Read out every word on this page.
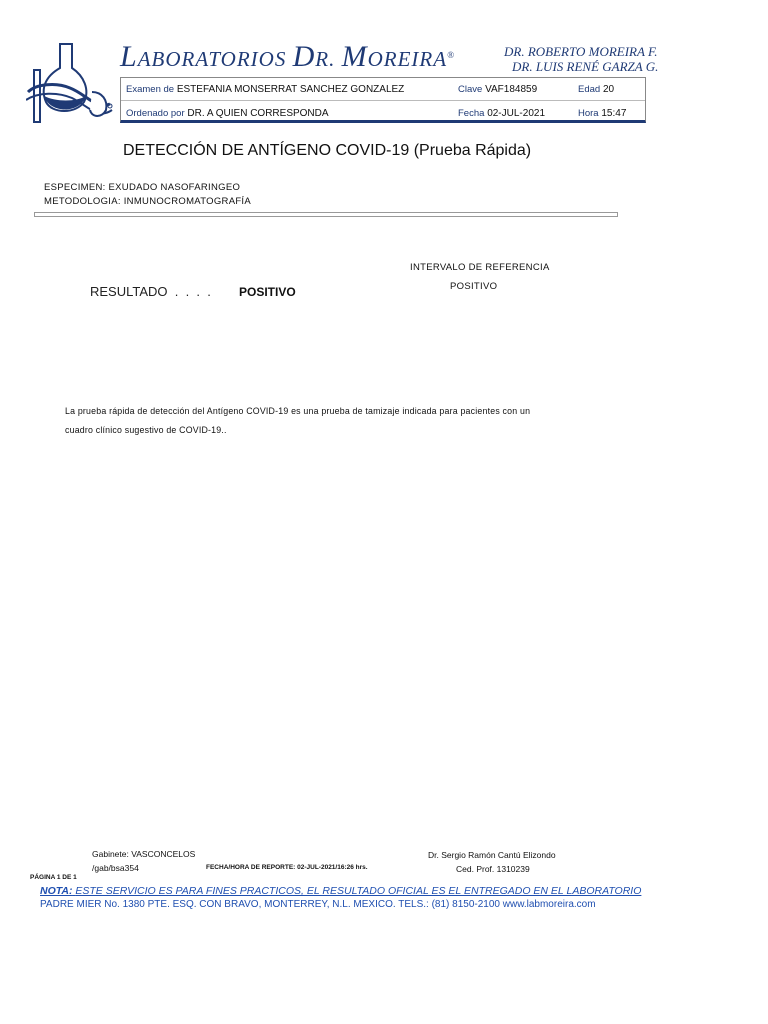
LABORATORIOS DR. MOREIRA®	DR. ROBERTO MOREIRA F.
DR. LUIS RENÉ GARZA G.
Examen de ESTEFANIA MONSERRAT SANCHEZ GONZALEZ	Clave VAF184859	Edad 20
Ordenado por DR. A QUIEN CORRESPONDA	Fecha 02-JUL-2021	Hora 15:47
DETECCIÓN DE ANTÍGENO COVID-19 (Prueba Rápida)
ESPECIMEN: EXUDADO NASOFARINGEO
METODOLOGIA: INMUNOCROMATOGRAFÍA
INTERVALO DE REFERENCIA
POSITIVO
RESULTADO  .  .  .  . POSITIVO
La prueba rápida de detección del Antígeno COVID-19 es una prueba de tamizaje indicada para pacientes con un
cuadro clínico sugestivo de COVID-19..
Gabinete: VASCONCELOS
/gab/bsa354	FECHA/HORA DE REPORTE: 02-JUL-2021/16:26 hrs.
Dr. Sergio Ramón Cantú Elizondo
Ced. Prof. 1310239
PÁGINA 1 DE 1
NOTA: ESTE SERVICIO ES PARA FINES PRACTICOS, EL RESULTADO OFICIAL ES EL ENTREGADO EN EL LABORATORIO
PADRE MIER No. 1380 PTE. ESQ. CON BRAVO, MONTERREY, N.L. MEXICO. TELS.: (81) 8150-2100 www.labmoreira.com
